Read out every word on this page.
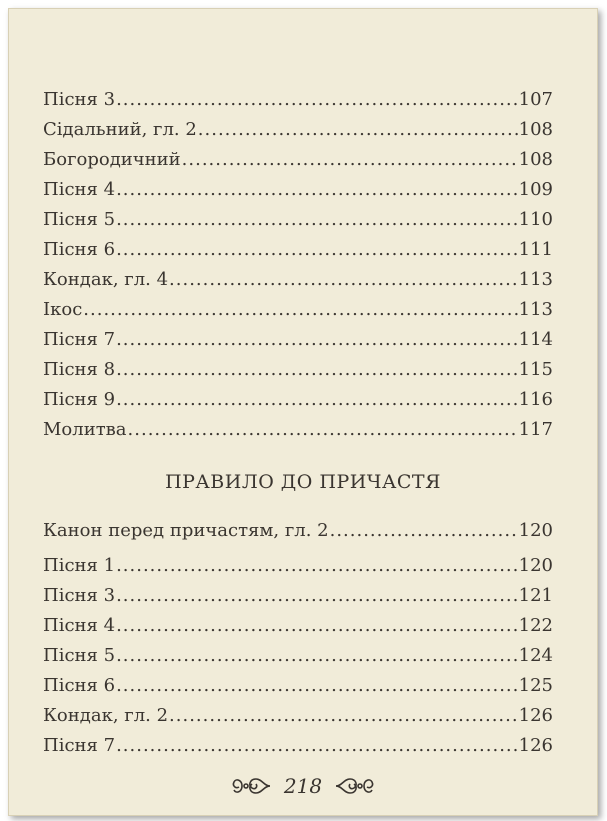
Пісня 3 .....	107
Сідальний, гл. 2 .....	108
Богородичний .....	108
Пісня 4 .....	109
Пісня 5 .....	110
Пісня 6 .....	111
Кондак, гл. 4 .....	113
Ікос .....	113
Пісня 7 .....	114
Пісня 8 .....	115
Пісня 9 .....	116
Молитва .....	117
Канон перед причастям, гл. 2 .....	120
Пісня 1 .....	120
Пісня 3 .....	121
Пісня 4 .....	122
Пісня 5 .....	124
Пісня 6 .....	125
Кондак, гл. 2 .....	126
Пісня 7 .....	126
ПРАВИЛО ДО ПРИЧАСТЯ
218
